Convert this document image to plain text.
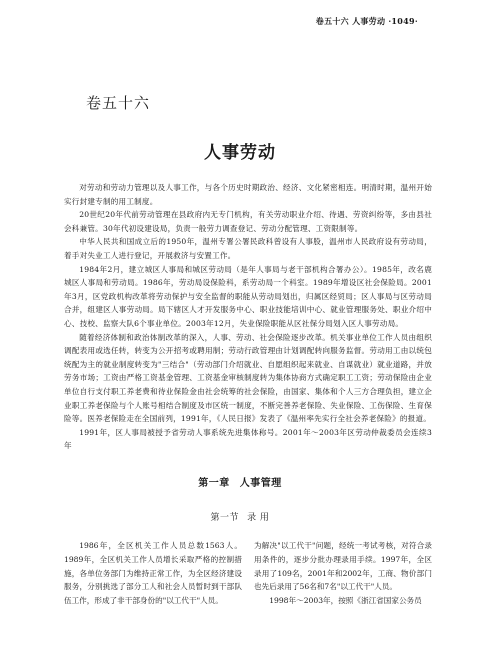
卷五十六 人事劳动 ·1049·
卷五十六
人事劳动

对劳动和劳动力管理以及人事工作，与各个历史时期政治、经济、文化紧密相连。明清时期，温州开始实行封建专制的用工制度。

20世纪20年代前劳动管理在县政府内无专门机构，有关劳动职业介绍、待遇、劳资纠纷等，多由县社会科兼管。30年代初设建设局，负责一般劳力调查登记、劳动分配管理、工资限制等。

中华人民共和国成立后的1950年，温州专署公署民政科曾设有人事股，温州市人民政府设有劳动局，着手对失业工人进行登记，开展救济与安置工作。

1984年2月，建立城区人事局和城区劳动局（是年人事局与老干部机构合署办公）。1985年，改名鹿城区人事局和劳动局。1986年，劳动局设保险科，系劳动局一个科室。1989年增设区社会保险局。2001年3月，区党政机构改革将劳动保护与安全监督的职能从劳动局划出，归属区经贸局；区人事局与区劳动局合并，组建区人事劳动局。局下辖区人才开发服务中心、职业技能培训中心、就业管理服务处、职业介绍中心、技校、监察大队6个事业单位。2003年12月，失业保险职能从区社保分局划入区人事劳动局。

随着经济体制和政治体制改革的深入，人事、劳动、社会保险逐步改革。机关事业单位工作人员由组织调配表用或选任转，转变为公开招考或聘用制；劳动行政管理由计划调配转向服务监督。劳动用工由以统包统配为主的就业制度转变为"三结合"（劳动部门介绍就业、自愿组织起来就业、自谋就业）就业道路，并放劳务市场；工资由严格工资基金管理、工资基金审核制度转为集体协商方式确定职工工资；劳动保险由企业单位自行支付职工养老费和待业保险金由社会统筹的社会保险，由国家、集体和个人三方合理负担，建立企业职工养老保险与个人账号相结合制度及市区统一制度，不断完善养老保险、失业保险、工伤保险、生育保险等。医养老保险走在全国前列，1991年，《人民日报》发表了《温州率先实行全社会养老保险》的报道。

1991年，区人事局被授予省劳动人事系统先进集体称号。2001年～2003年区劳动仲裁委员会连续3年

第一章 人事管理
第一节 录 用

1986年，全区机关工作人员总数1563人。1989年，全区机关工作人员增长采取严格的控制措施，各单位务部门为维持正常工作，为全区经济建设服务，分别挑选了部分工人和社会人员暂时到干部队伍工作，形成了非干部身份的"以工代干"人员。

为解决"以工代干"问题，经统一考试考核，对符合录用条件的，逐步分批办理录用手续。1997年，全区录用了109名，2001年和2002年，工商、物价部门也先后录用了56名和7名"以工代干"人员。

1998年～2003年，按照《浙江省国家公务员
